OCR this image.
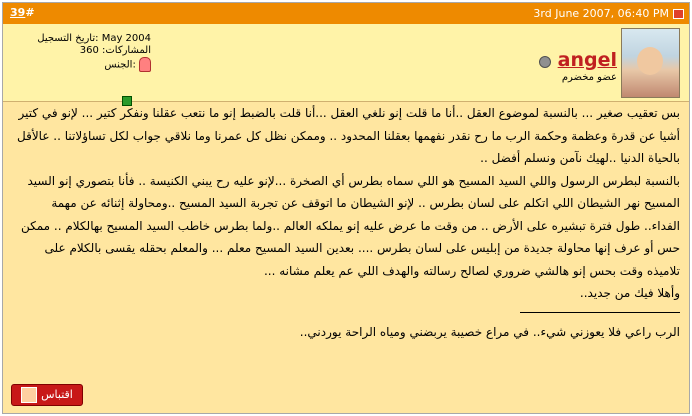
39#	3rd June 2007, 06:40 PM
تاريخ التسجيل: May 2004
المشاركات: 360
الجنس:	angel
عضو مخضرم
بس تعقيب صغير ... بالنسبة لموضوع العقل ..أنا ما قلت إنو نلغي العقل ...أنا قلت بالضبط إنو ما نتعب عقلنا ونفكر كتير ... لإنو في كتير أشيا عن قدرة وعظمة وحكمة الرب ما رح نقدر نفهمها بعقلنا المحدود .. وممكن نظل كل عمرنا وما نلاقي جواب لكل تساؤلاتنا .. عالأقل بالحياة الدنيا ..لهيك نآمن ونسلم أفضل ..
بالنسبة لبطرس الرسول واللي السيد المسيح هو اللي سماه بطرس أي الصخرة ...لإنو عليه رح يبني الكنيسة .. فأنا بتصوري إنو السيد المسيح نهر الشيطان اللي اتكلم على لسان بطرس .. لإنو الشيطان ما اتوقف عن تجربة السيد المسيح ..ومحاولة إثنائه عن مهمة الفداء.. طول فترة تبشيره على الأرض .. من وقت ما عرض عليه إنو يملكه العالم ..ولما بطرس خاطب السيد المسيح بهالكلام .. ممكن حس أو عرف إنها محاولة جديدة من إبليس على لسان بطرس .... بعدين السيد المسيح معلم ... والمعلم بحقله يقسى بالكلام على تلاميذه وقت بحس إنو هالشي ضروري لصالح رسالته والهدف اللي عم يعلم مشانه ...
وأهلا فيك من جديد..
الرب راعي فلا يعوزني شيء.. في مراع خصيبة يربضني ومياه الراحة يوردني..
اقتباس
